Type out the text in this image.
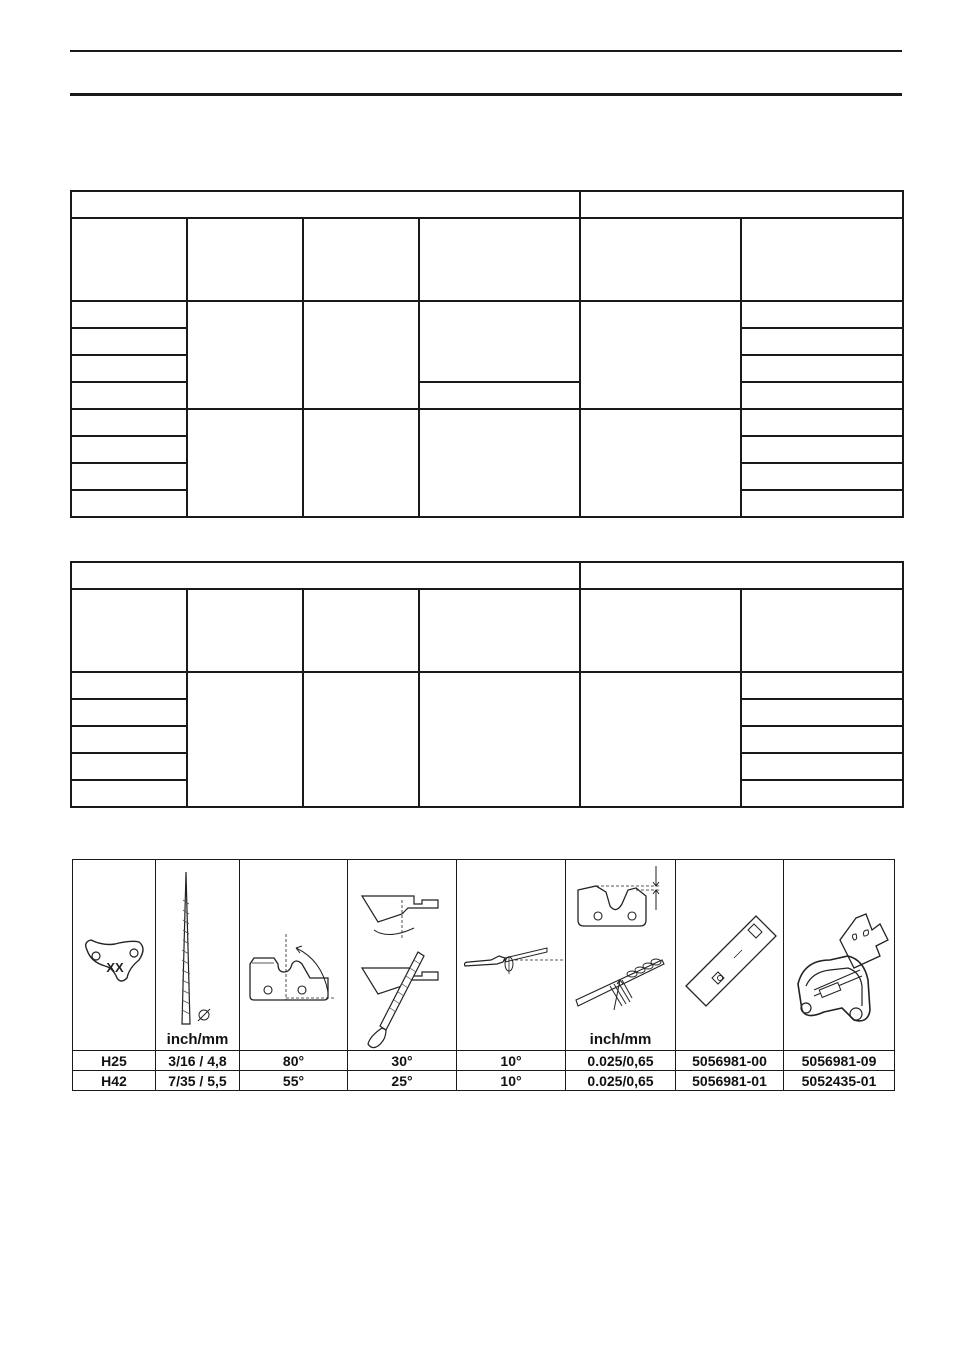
XX	inch/mm				inch/mm

H25	3/16 / 4,8	80°	30°	10°	0.025/0,65	5056981-00	5056981-09
H42	7/35 / 5,5	55°	25°	10°	0.025/0,65	5056981-01	5052435-01
